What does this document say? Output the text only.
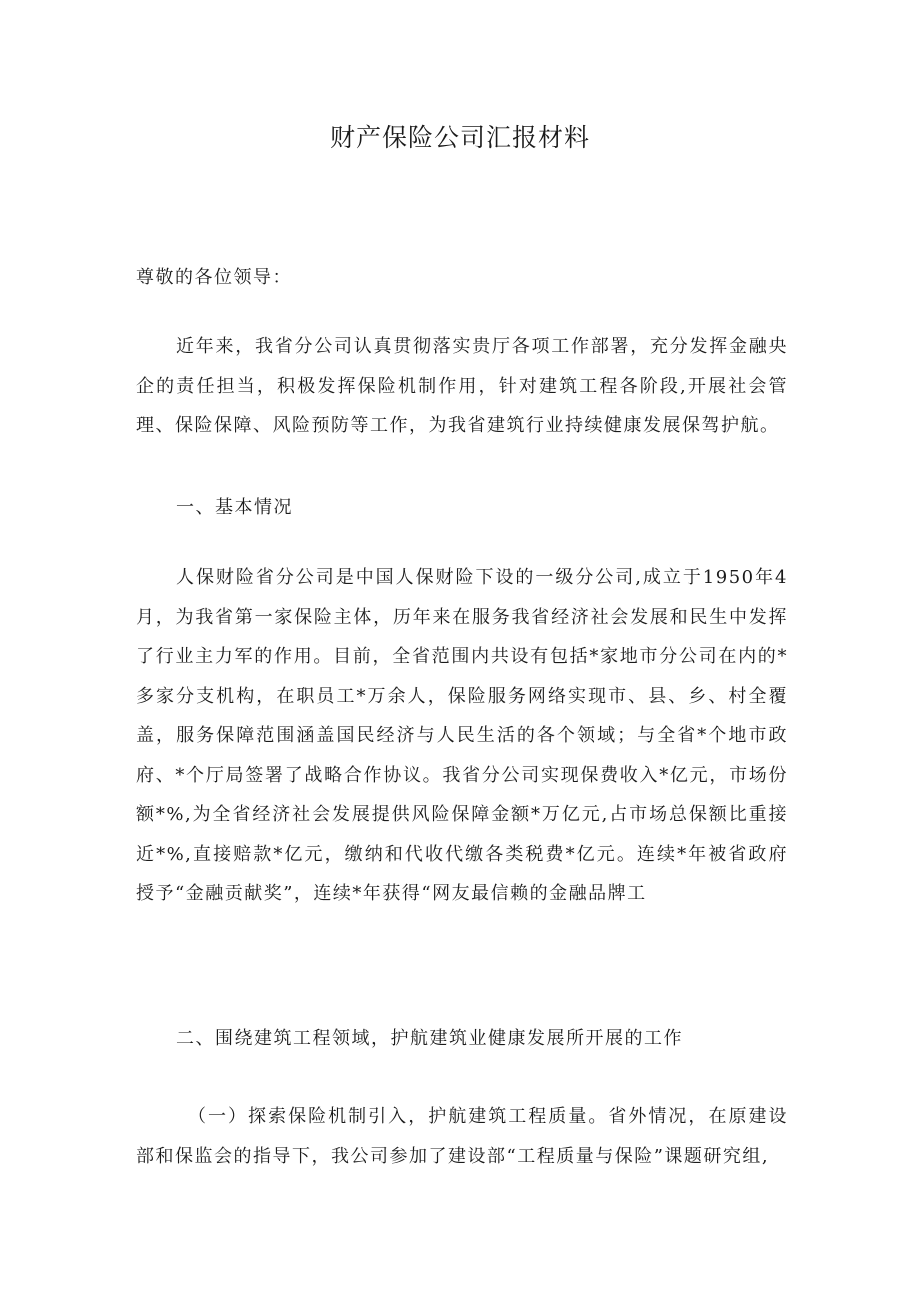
财产保险公司汇报材料

尊敬的各位领导：

近年来，我省分公司认真贯彻落实贵厅各项工作部署，充分发挥金融央企的责任担当，积极发挥保险机制作用，针对建筑工程各阶段,开展社会管理、保险保障、风险预防等工作，为我省建筑行业持续健康发展保驾护航。

一、基本情况

人保财险省分公司是中国人保财险下设的一级分公司,成立于1950年4月，为我省第一家保险主体，历年来在服务我省经济社会发展和民生中发挥了行业主力军的作用。目前，全省范围内共设有包括*家地市分公司在内的*多家分支机构，在职员工*万余人，保险服务网络实现市、县、乡、村全覆盖，服务保障范围涵盖国民经济与人民生活的各个领域；与全省*个地市政府、*个厅局签署了战略合作协议。我省分公司实现保费收入*亿元，市场份额*%,为全省经济社会发展提供风险保障金额*万亿元,占市场总保额比重接近*%,直接赔款*亿元，缴纳和代收代缴各类税费*亿元。连续*年被省政府授予“金融贡献奖”，连续*年获得“网友最信赖的金融品牌工

二、围绕建筑工程领域，护航建筑业健康发展所开展的工作

（一）探索保险机制引入，护航建筑工程质量。省外情况，在原建设部和保监会的指导下，我公司参加了建设部“工程质量与保险”课题研究组,
